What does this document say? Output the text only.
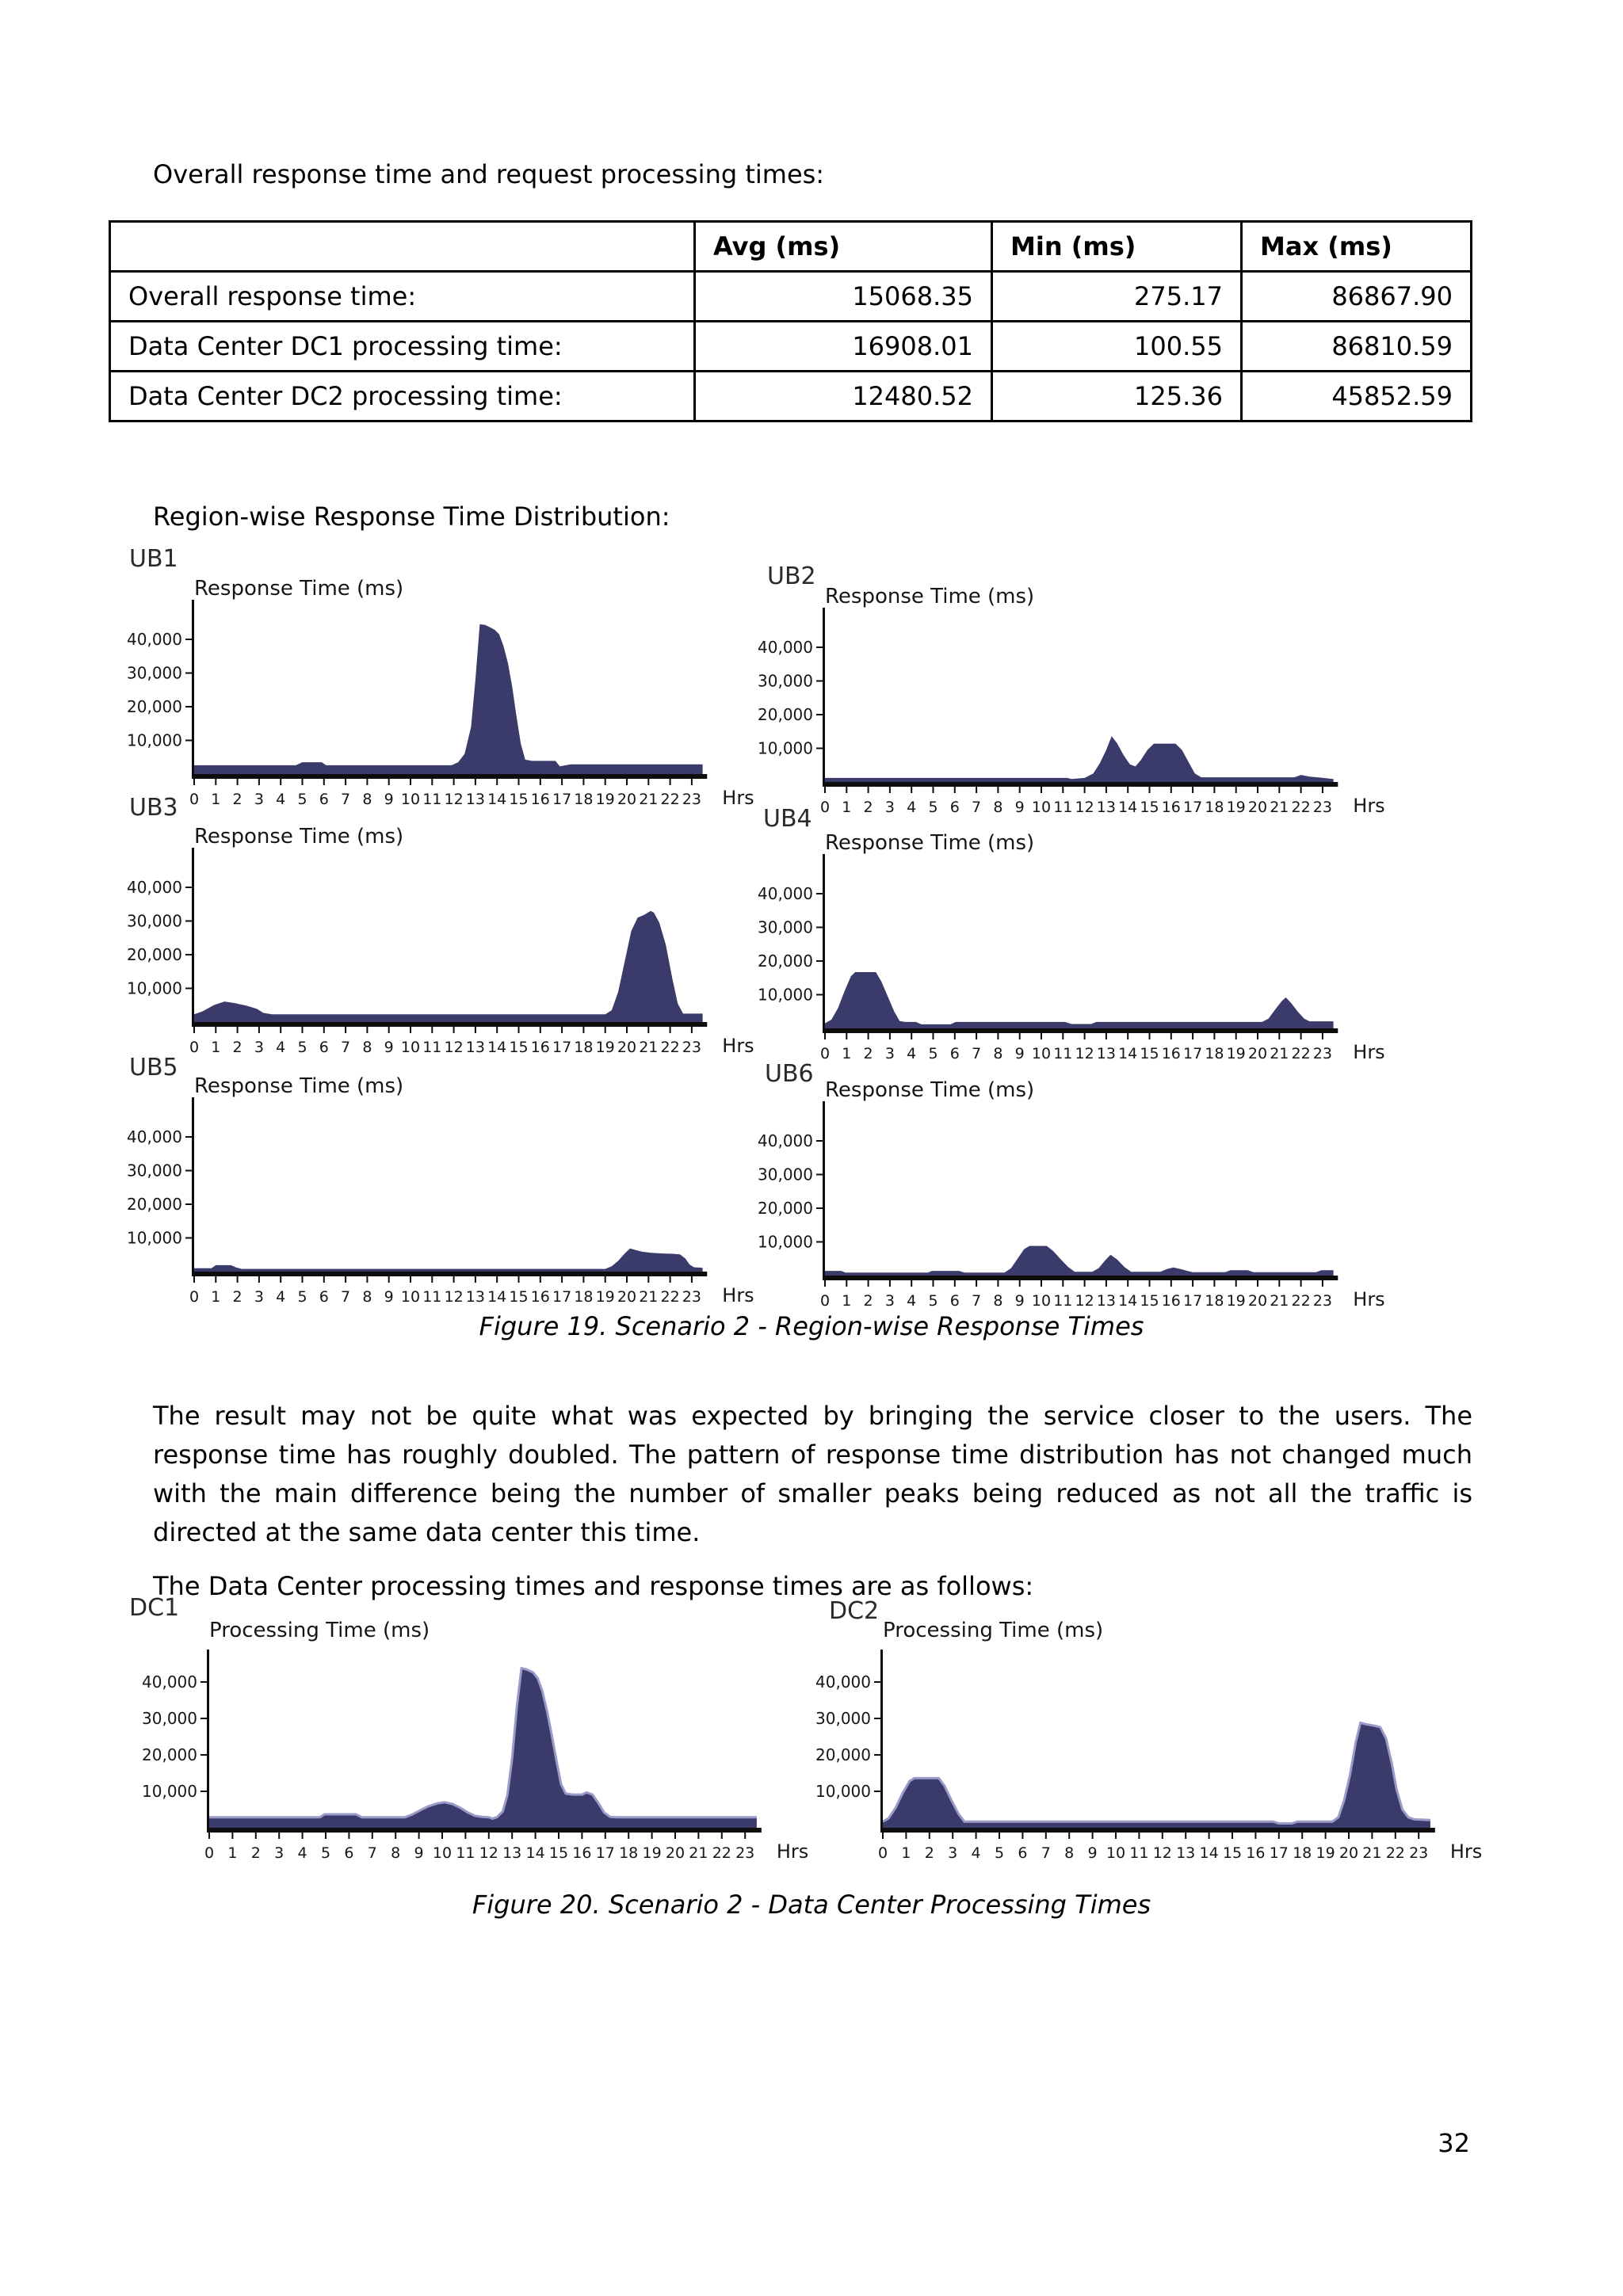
Overall response time and request processing times:
	Avg (ms)	Min (ms)	Max (ms)
Overall response time:	15068.35	275.17	86867.90
Data Center DC1 processing time:	16908.01	100.55	86810.59
Data Center DC2 processing time:	12480.52	125.36	45852.59
Region-wise Response Time Distribution:
UB1
Response Time (ms)
10,000
20,000
30,000
40,000
0 1 2 3 4 5 6 7 8 9 10 11 12 13 14 15 16 17 18 19 20 21 22 23 Hrs
UB2
Response Time (ms)
10,000
20,000
30,000
40,000
0 1 2 3 4 5 6 7 8 9 10 11 12 13 14 15 16 17 18 19 20 21 22 23 Hrs
UB3
Response Time (ms)
10,000
20,000
30,000
40,000
0 1 2 3 4 5 6 7 8 9 10 11 12 13 14 15 16 17 18 19 20 21 22 23 Hrs
UB4
Response Time (ms)
10,000
20,000
30,000
40,000
0 1 2 3 4 5 6 7 8 9 10 11 12 13 14 15 16 17 18 19 20 21 22 23 Hrs
UB5
Response Time (ms)
10,000
20,000
30,000
40,000
0 1 2 3 4 5 6 7 8 9 10 11 12 13 14 15 16 17 18 19 20 21 22 23 Hrs
UB6
Response Time (ms)
10,000
20,000
30,000
40,000
0 1 2 3 4 5 6 7 8 9 10 11 12 13 14 15 16 17 18 19 20 21 22 23 Hrs
Figure 19. Scenario 2 - Region-wise Response Times
The result may not be quite what was expected by bringing the service closer to the users. The response time has roughly doubled. The pattern of response time distribution has not changed much with the main difference being the number of smaller peaks being reduced as not all the traffic is directed at the same data center this time.
The Data Center processing times and response times are as follows:
DC1
Processing Time (ms)
10,000
20,000
30,000
40,000
0 1 2 3 4 5 6 7 8 9 10 11 12 13 14 15 16 17 18 19 20 21 22 23 Hrs
DC2
Processing Time (ms)
10,000
20,000
30,000
40,000
0 1 2 3 4 5 6 7 8 9 10 11 12 13 14 15 16 17 18 19 20 21 22 23 Hrs
Figure 20. Scenario 2 - Data Center Processing Times
32
